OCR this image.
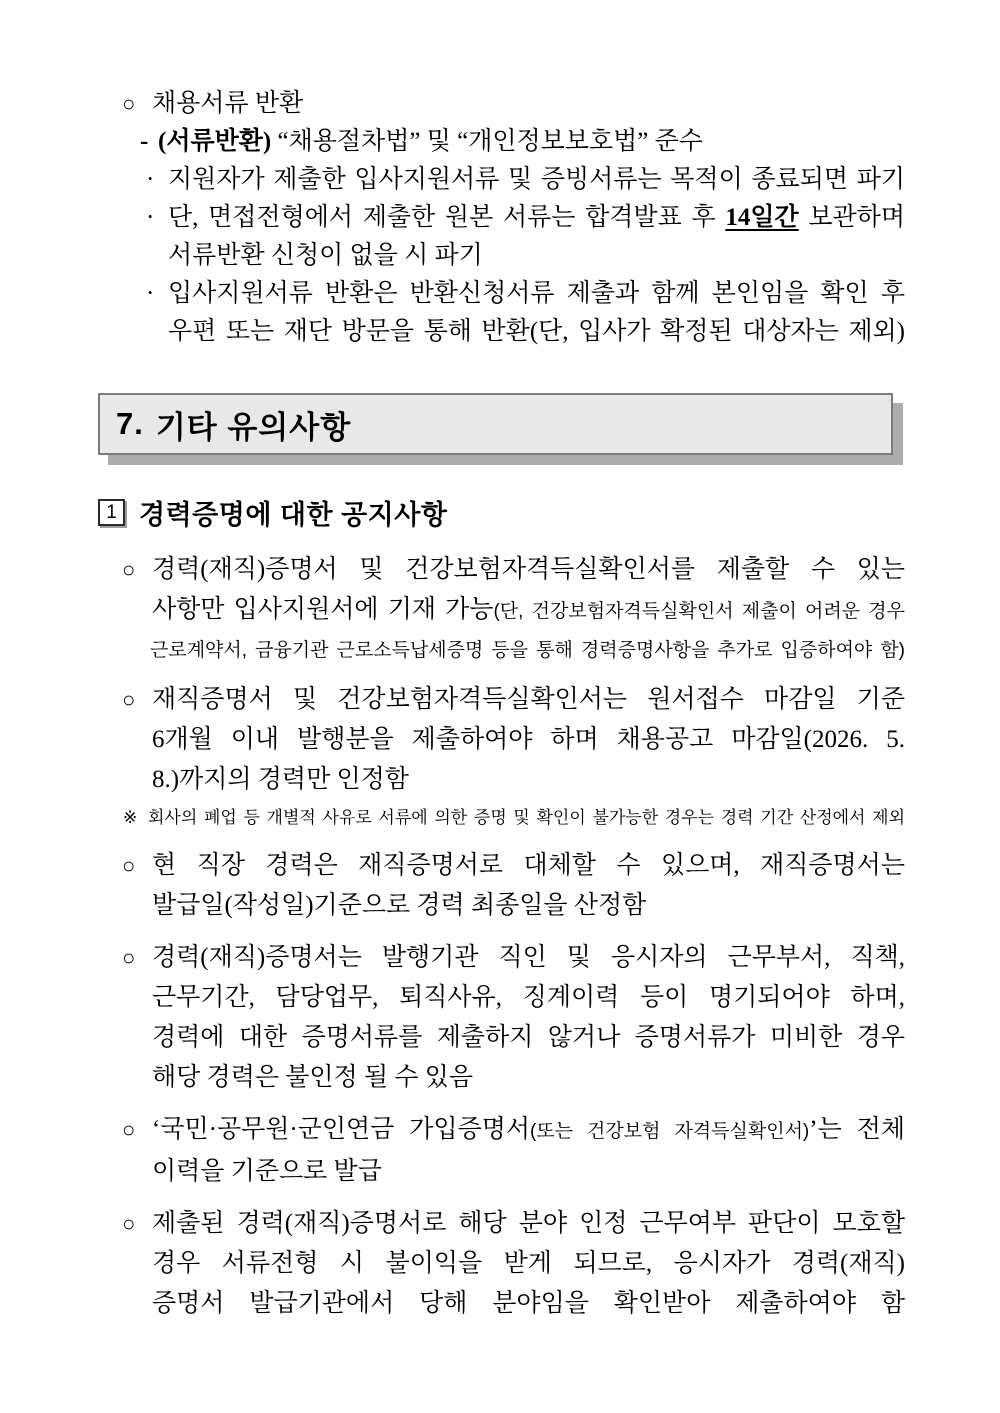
○ 채용서류 반환
- (서류반환) “채용절차법” 및 “개인정보보호법” 준수
· 지원자가 제출한 입사지원서류 및 증빙서류는 목적이 종료되면 파기
· 단, 면접전형에서 제출한 원본 서류는 합격발표 후 14일간 보관하며
서류반환 신청이 없을 시 파기
· 입사지원서류 반환은 반환신청서류 제출과 함께 본인임을 확인 후
우편 또는 재단 방문을 통해 반환(단, 입사가 확정된 대상자는 제외)
7. 기타 유의사항
1 경력증명에 대한 공지사항
○ 경력(재직)증명서 및 건강보험자격득실확인서를 제출할 수 있는
사항만 입사지원서에 기재 가능(단, 건강보험자격득실확인서 제출이 어려운 경우
근로계약서, 금융기관 근로소득납세증명 등을 통해 경력증명사항을 추가로 입증하여야 함)
○ 재직증명서 및 건강보험자격득실확인서는 원서접수 마감일 기준
6개월 이내 발행분을 제출하여야 하며 채용공고 마감일(2026. 5.
8.)까지의 경력만 인정함
※ 회사의 폐업 등 개별적 사유로 서류에 의한 증명 및 확인이 불가능한 경우는 경력 기간 산정에서 제외
○ 현 직장 경력은 재직증명서로 대체할 수 있으며, 재직증명서는
발급일(작성일)기준으로 경력 최종일을 산정함
○ 경력(재직)증명서는 발행기관 직인 및 응시자의 근무부서, 직책,
근무기간, 담당업무, 퇴직사유, 징계이력 등이 명기되어야 하며,
경력에 대한 증명서류를 제출하지 않거나 증명서류가 미비한 경우
해당 경력은 불인정 될 수 있음
○ ‘국민·공무원·군인연금 가입증명서(또는 건강보험 자격득실확인서)’는 전체
이력을 기준으로 발급
○ 제출된 경력(재직)증명서로 해당 분야 인정 근무여부 판단이 모호할
경우 서류전형 시 불이익을 받게 되므로, 응시자가 경력(재직)
증명서 발급기관에서 당해 분야임을 확인받아 제출하여야 함
